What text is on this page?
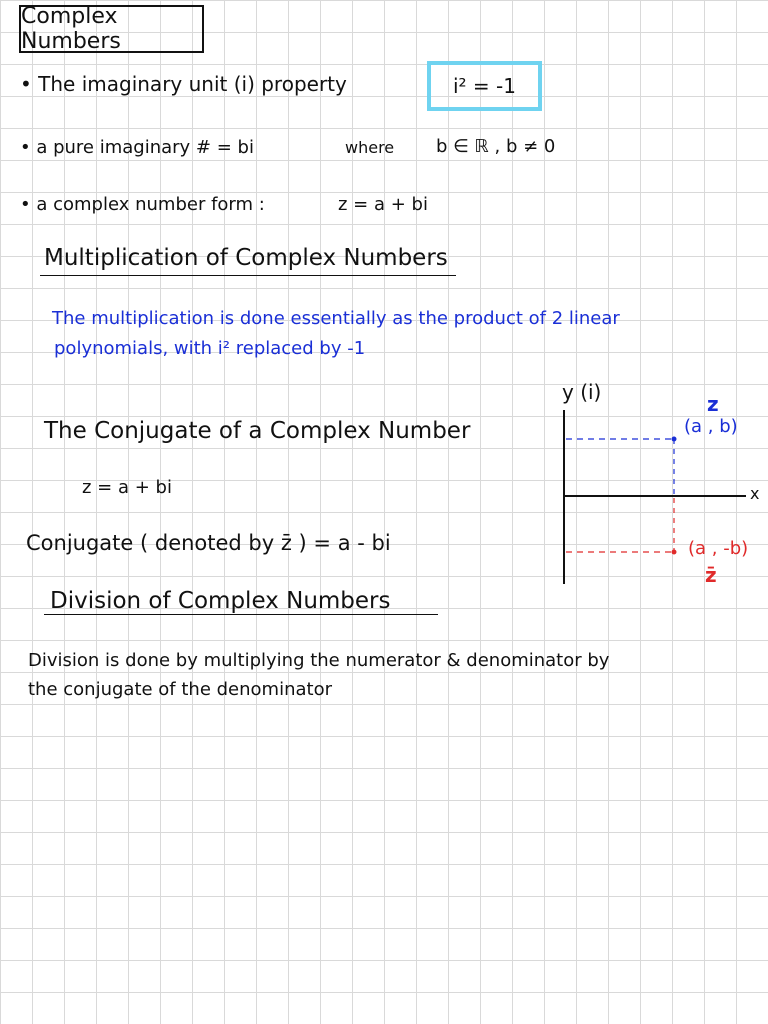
Complex Numbers
• The imaginary unit (i) property	i² = -1
• a pure imaginary # = bi	where b ∈ ℝ , b ≠ 0
• a complex number form :	z = a + bi
Multiplication of Complex Numbers
The multiplication is done essentially as the product of 2 linear
polynomials, with i² replaced by -1
The Conjugate of a Complex Number
z = a + bi
Conjugate ( denoted by z̄ ) = a - bi
Division of Complex Numbers
Division is done by multiplying the numerator & denominator by
the conjugate of the denominator
y (i)
x
z
(a , b)
(a , -b)
z̄
